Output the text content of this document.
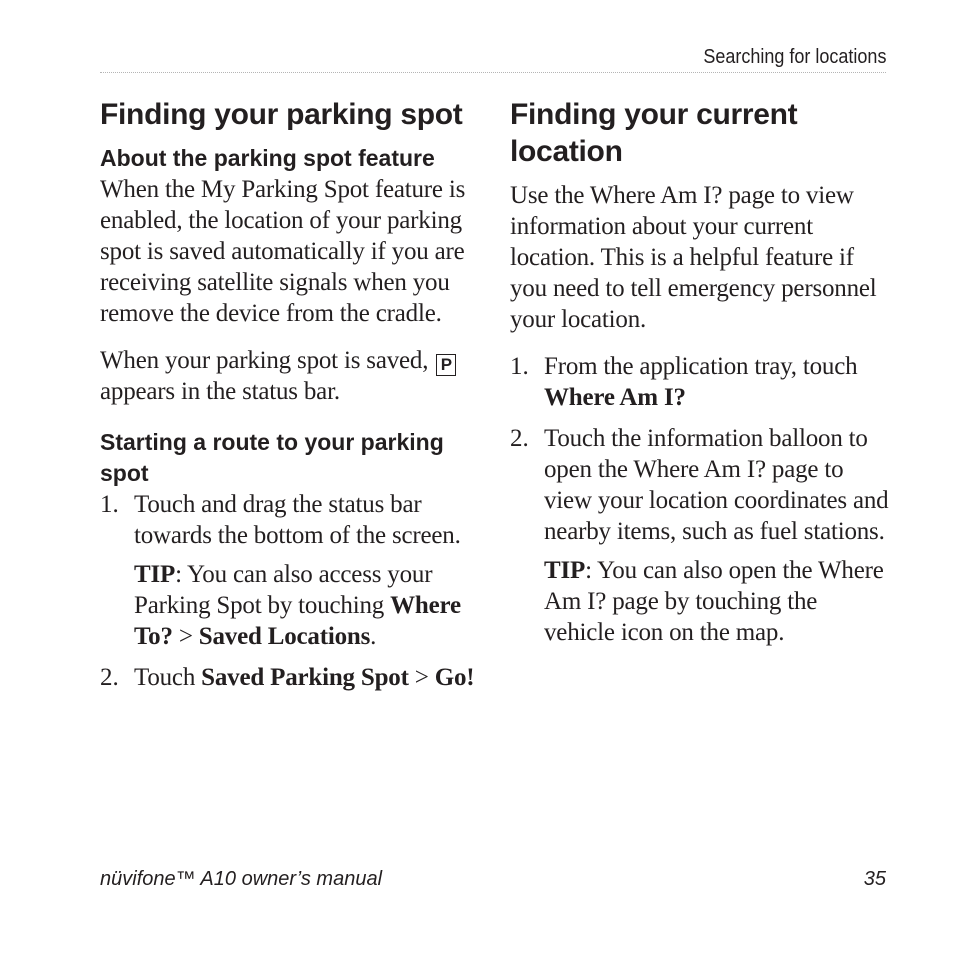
Searching for locations
Finding your parking spot
About the parking spot feature

When the My Parking Spot feature is enabled, the location of your parking spot is saved automatically if you are receiving satellite signals when you remove the device from the cradle.

When your parking spot is saved, P appears in the status bar.

Starting a route to your parking spot
1. Touch and drag the status bar towards the bottom of the screen.

TIP: You can also access your Parking Spot by touching Where To? > Saved Locations.

2. Touch Saved Parking Spot > Go!

Finding your current location

Use the Where Am I? page to view information about your current location. This is a helpful feature if you need to tell emergency personnel your location.

1. From the application tray, touch Where Am I?

2. Touch the information balloon to open the Where Am I? page to view your location coordinates and nearby items, such as fuel stations.

TIP: You can also open the Where Am I? page by touching the vehicle icon on the map.

nüvifone™ A10 owner’s manual	35
